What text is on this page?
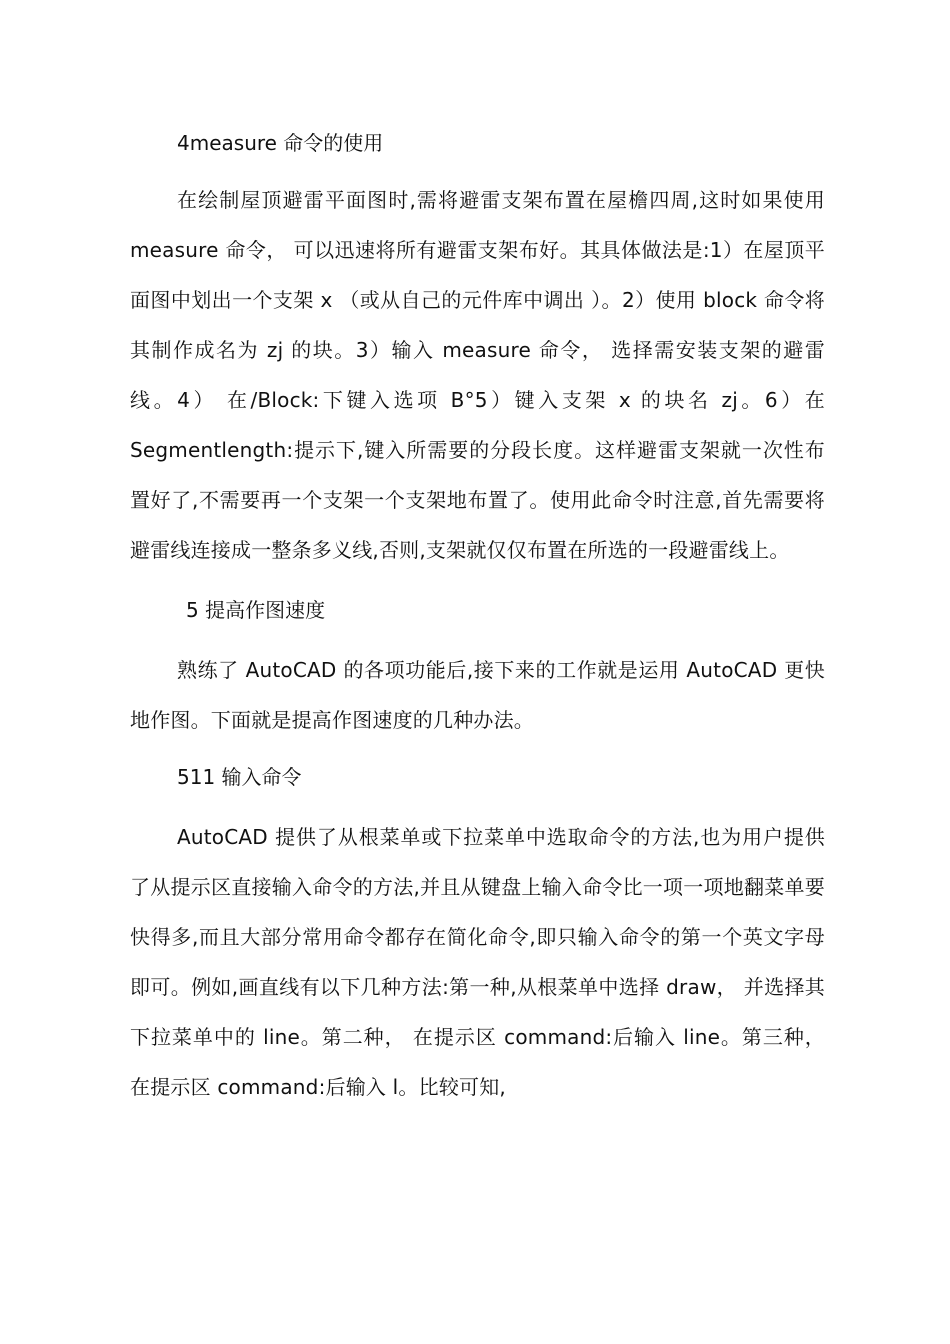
4measure 命令的使用

在绘制屋顶避雷平面图时,需将避雷支架布置在屋檐四周,这时如果使用 measure 命令， 可以迅速将所有避雷支架布好。其具体做法是:1）在屋顶平面图中划出一个支架 x （或从自己的元件库中调出 ）。2）使用 block 命令将其制作成名为 zj 的块。3）输入 measure 命令， 选择需安装支架的避雷线。4） 在/Block:下键入选项 B°5）键入支架 x 的块名 zj。6）在 Segmentlength:提示下,键入所需要的分段长度。这样避雷支架就一次性布置好了,不需要再一个支架一个支架地布置了。使用此命令时注意,首先需要将避雷线连接成一整条多义线,否则,支架就仅仅布置在所选的一段避雷线上。

5 提高作图速度

熟练了 AutoCAD 的各项功能后,接下来的工作就是运用 AutoCAD 更快地作图。下面就是提高作图速度的几种办法。

511 输入命令

AutoCAD 提供了从根菜单或下拉菜单中选取命令的方法,也为用户提供了从提示区直接输入命令的方法,并且从键盘上输入命令比一项一项地翻菜单要快得多,而且大部分常用命令都存在简化命令,即只输入命令的第一个英文字母即可。例如,画直线有以下几种方法:第一种,从根菜单中选择 draw， 并选择其下拉菜单中的 line。第二种， 在提示区 command:后输入 line。第三种， 在提示区 command:后输入 l。比较可知,
